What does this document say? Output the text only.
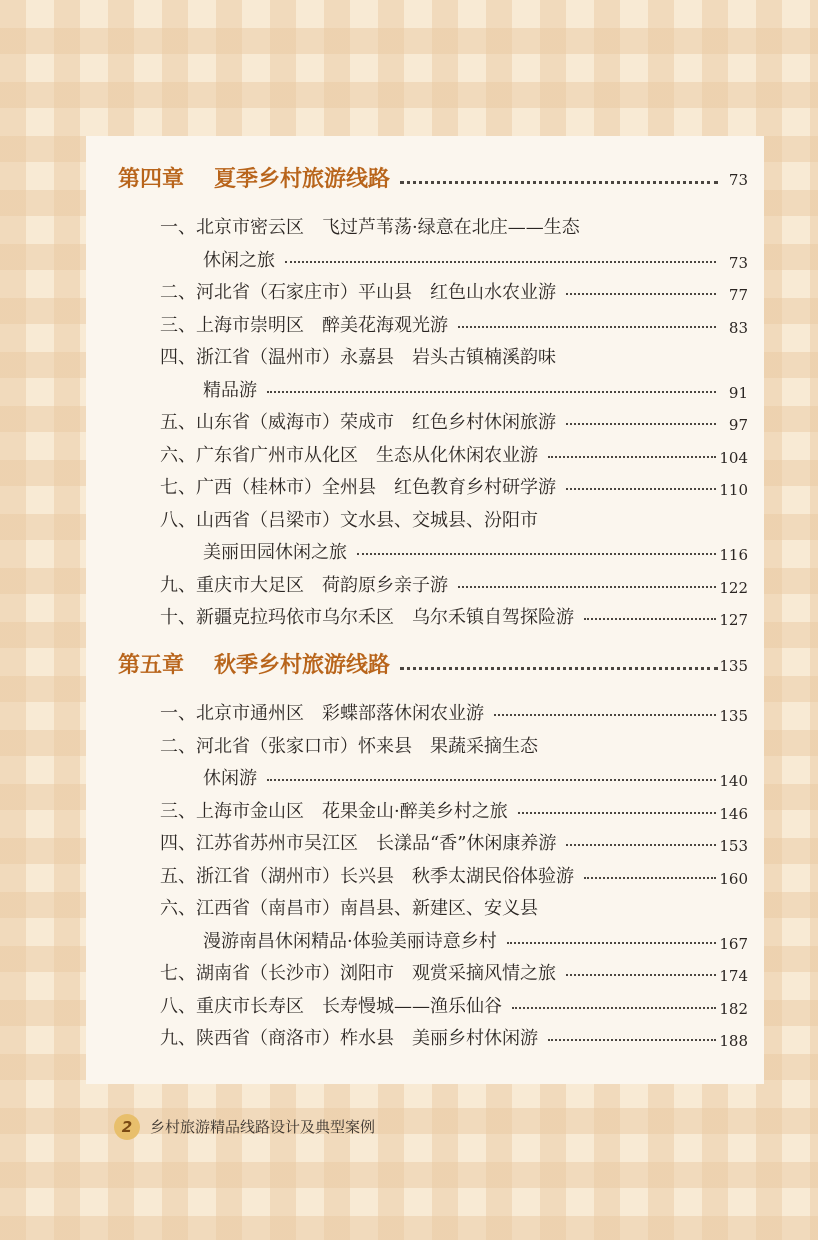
第四章 夏季乡村旅游线路	73
一、北京市密云区　飞过芦苇荡·绿意在北庄——生态
休闲之旅	73
二、河北省（石家庄市）平山县　红色山水农业游	77
三、上海市崇明区　醉美花海观光游	83
四、浙江省（温州市）永嘉县　岩头古镇楠溪韵味
精品游	91
五、山东省（威海市）荣成市　红色乡村休闲旅游	97
六、广东省广州市从化区　生态从化休闲农业游	104
七、广西（桂林市）全州县　红色教育乡村研学游	110
八、山西省（吕梁市）文水县、交城县、汾阳市
美丽田园休闲之旅	116
九、重庆市大足区　荷韵原乡亲子游	122
十、新疆克拉玛依市乌尔禾区　乌尔禾镇自驾探险游	127
第五章 秋季乡村旅游线路	135
一、北京市通州区　彩蝶部落休闲农业游	135
二、河北省（张家口市）怀来县　果蔬采摘生态
休闲游	140
三、上海市金山区　花果金山·醉美乡村之旅	146
四、江苏省苏州市吴江区　长漾品“香”休闲康养游	153
五、浙江省（湖州市）长兴县　秋季太湖民俗体验游	160
六、江西省（南昌市）南昌县、新建区、安义县
漫游南昌休闲精品·体验美丽诗意乡村	167
七、湖南省（长沙市）浏阳市　观赏采摘风情之旅	174
八、重庆市长寿区　长寿慢城——渔乐仙谷	182
九、陕西省（商洛市）柞水县　美丽乡村休闲游	188
2	乡村旅游精品线路设计及典型案例
